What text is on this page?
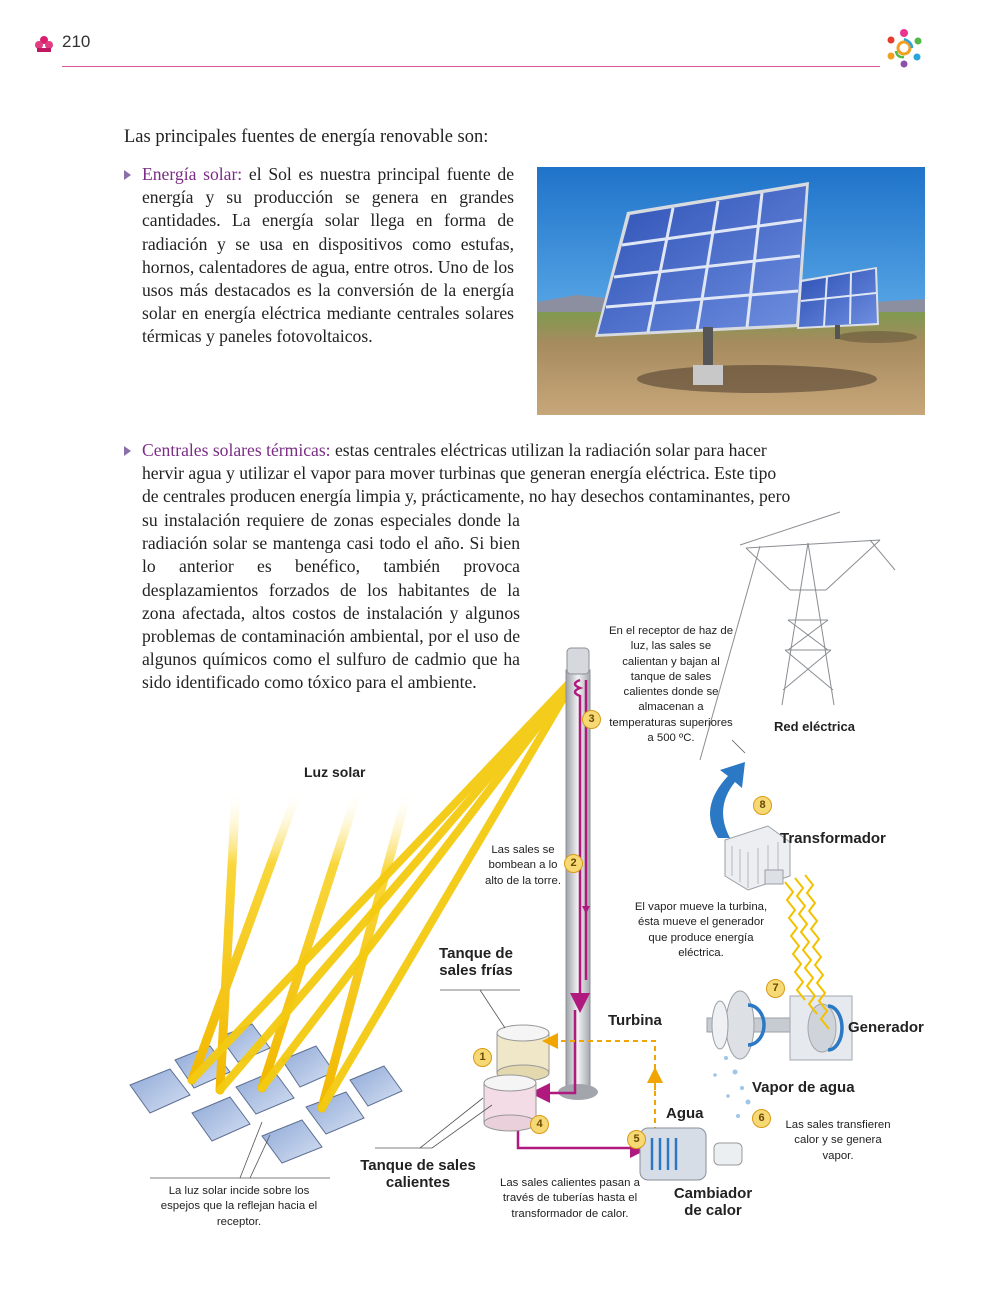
210

Las principales fuentes de energía renovable son:

Energía solar: el Sol es nuestra principal fuente de energía y su producción se genera en grandes cantidades. La energía solar llega en forma de radiación y se usa en dispositivos como estufas, hornos, calentadores de agua, entre otros. Uno de los usos más destacados es la conversión de la energía solar en energía eléctrica mediante centrales solares térmicas y paneles fotovoltaicos.

Centrales solares térmicas: estas centrales eléctricas utilizan la radiación solar para hacer hervir agua y utilizar el vapor para mover turbinas que generan energía eléctrica. Este tipo de centrales producen energía limpia y, prácticamente, no hay desechos contaminantes, pero

su instalación requiere de zonas especiales donde la radiación solar se mantenga casi todo el año. Si bien lo anterior es benéfico, también provoca desplazamientos forzados de los habitantes de la zona afectada, altos costos de instalación y algunos problemas de contaminación ambiental, por el uso de algunos químicos como el sulfuro de cadmio que ha sido identificado como tóxico para el ambiente.

Luz solar

En el receptor de haz de luz, las sales se calientan y bajan al tanque de sales calientes donde se almacenan a temperaturas superiores a 500 ºC.

Red eléctrica

Transformador

Las sales se bombean a lo alto de la torre.

El vapor mueve la turbina, ésta mueve el generador que produce energía eléctrica.

Tanque de sales frías

Turbina	Generador

Vapor de agua

Agua

Las sales transfieren calor y se genera vapor.

La luz solar incide sobre los espejos que la reflejan hacia el receptor.

Tanque de sales calientes	Las sales calientes pasan a través de tuberías hasta el transformador de calor.

Cambiador de calor

1
2
3
4
5
6
7
8
